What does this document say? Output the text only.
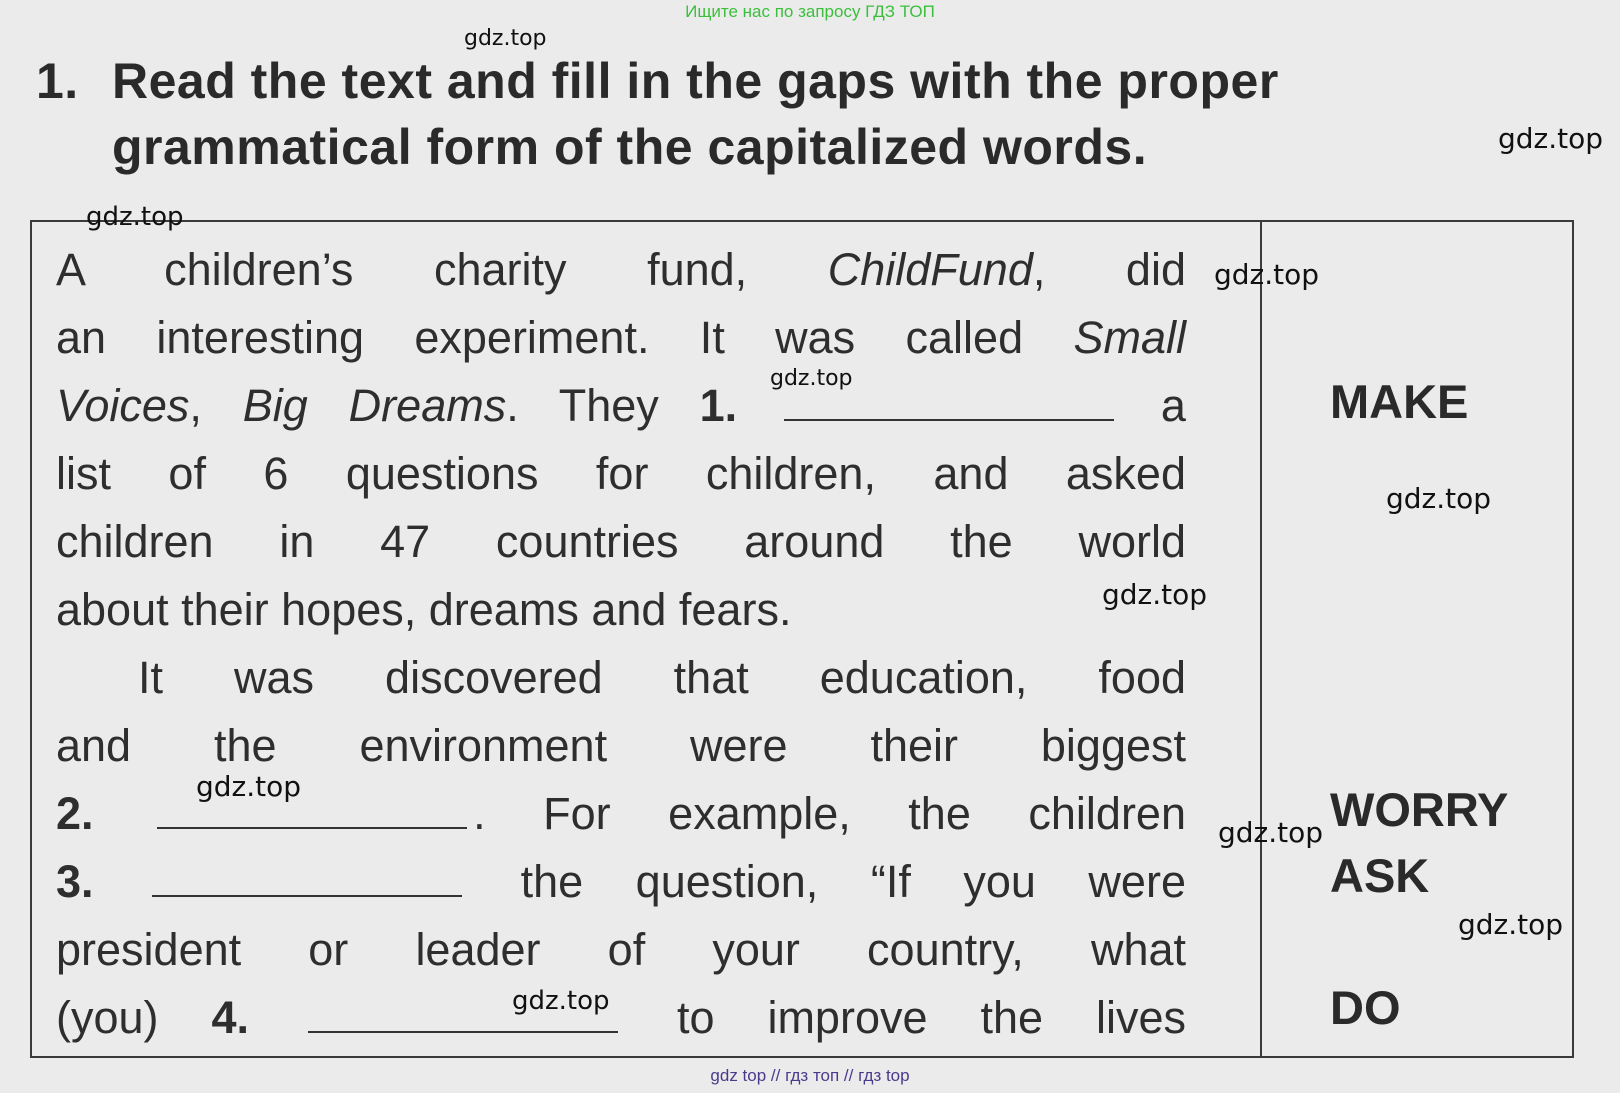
Ищите нас по запросу ГДЗ ТОП
1. Read the text and fill in the gaps with the proper
grammatical form of the capitalized words.
A children’s charity fund, ChildFund, did
an interesting experiment. It was called Small
Voices, Big Dreams. They 1.	a
list of 6 questions for children, and asked
children in 47 countries around the world
about their hopes, dreams and fears.
It was discovered that education, food
and the environment were their biggest
2.	. For example, the children
3.	the question, “If you were
president or leader of your country, what
(you) 4.	to improve the lives
MAKE
WORRY
ASK
DO
gdz.top
gdz.top
gdz.top
gdz.top
gdz.top
gdz.top
gdz.top
gdz.top
gdz.top
gdz.top
gdz.top
gdz top // гдз топ // гдз top
